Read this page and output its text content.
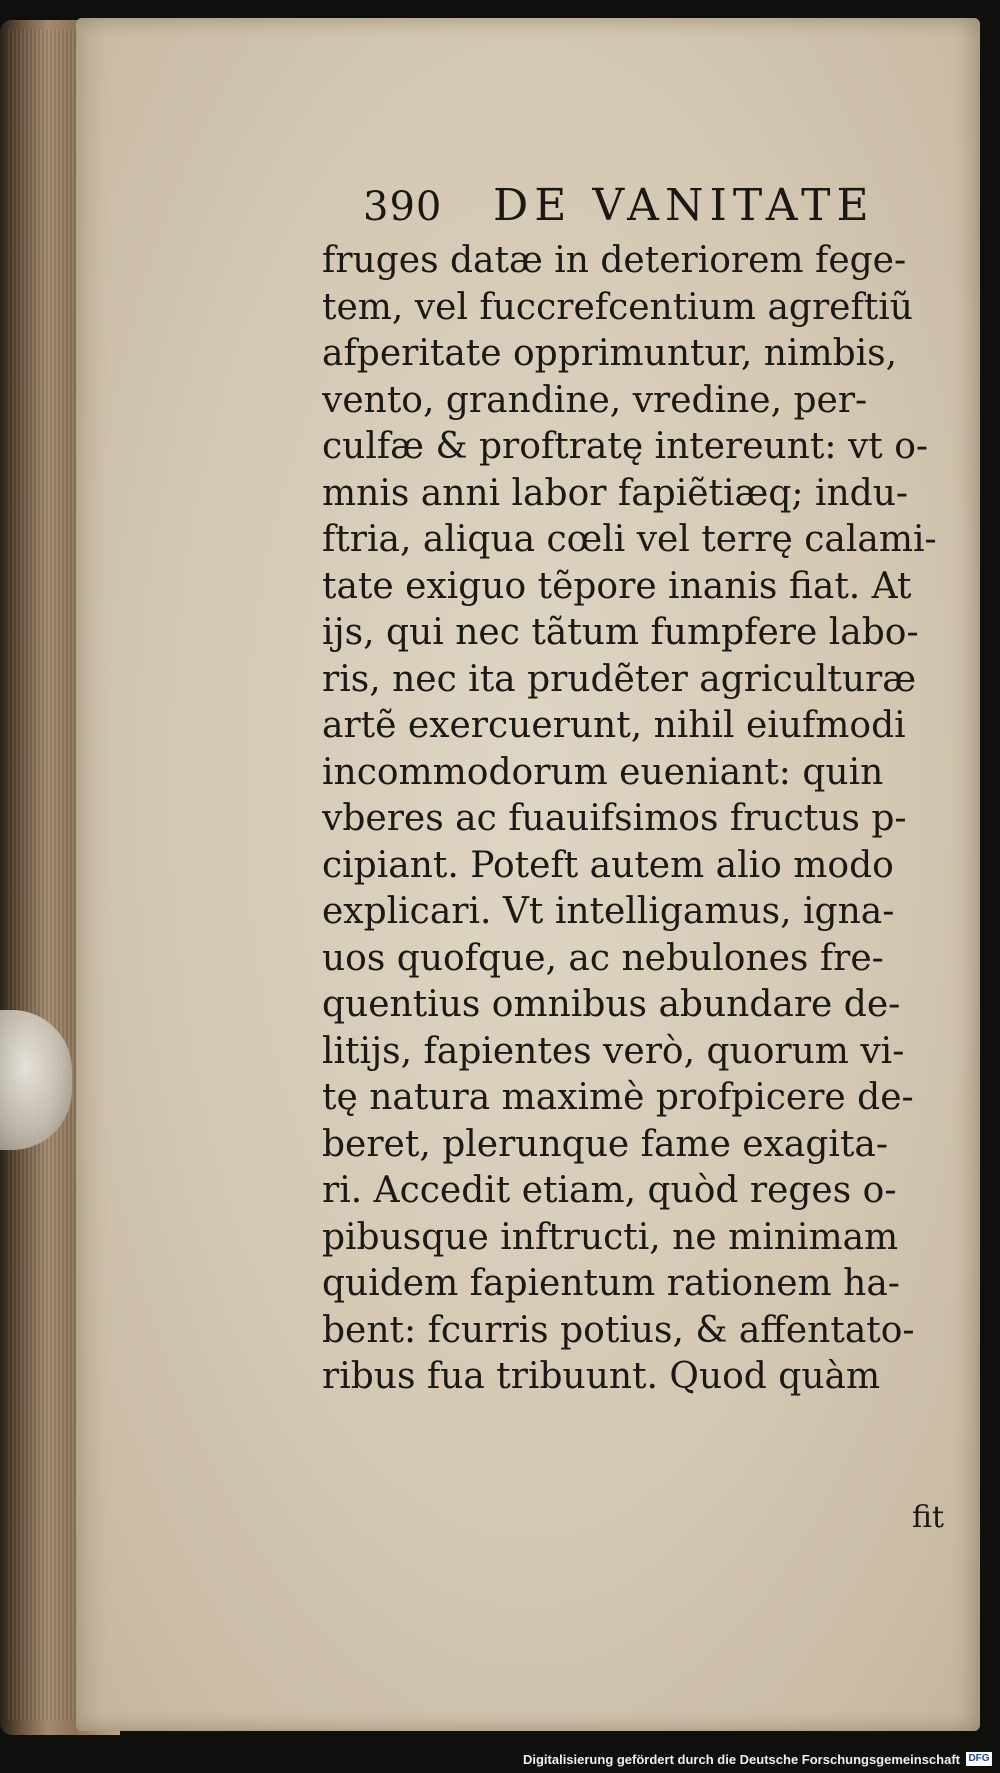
390 DE VANITATE
fruges datæ in deteriorem fege-
tem, vel fuccrefcentium agreftiũ
afperitate opprimuntur, nimbis,
vento, grandine, vredine, per-
culfæ & proftratę intereunt: vt o-
mnis anni labor fapiẽtiæq; indu-
ftria, aliqua cœli vel terrę calami-
tate exiguo tẽpore inanis fiat. At
ijs, qui nec tãtum fumpfere labo-
ris, nec ita prudẽter agriculturæ
artẽ exercuerunt, nihil eiufmodi
incommodorum eueniant: quin
vberes ac fuauifsimos fructus p-
cipiant. Poteft autem alio modo
explicari. Vt intelligamus, igna-
uos quofque, ac nebulones fre-
quentius omnibus abundare de-
litijs, fapientes verò, quorum vi-
tę natura maximè profpicere de-
beret, plerunque fame exagita-
ri. Accedit etiam, quòd reges o-
pibusque inftructi, ne minimam
quidem fapientum rationem ha-
bent: fcurris potius, & affentato-
ribus fua tribuunt. Quod quàm
fit
Digitalisierung gefördert durch die Deutsche Forschungsgemeinschaft DFG
